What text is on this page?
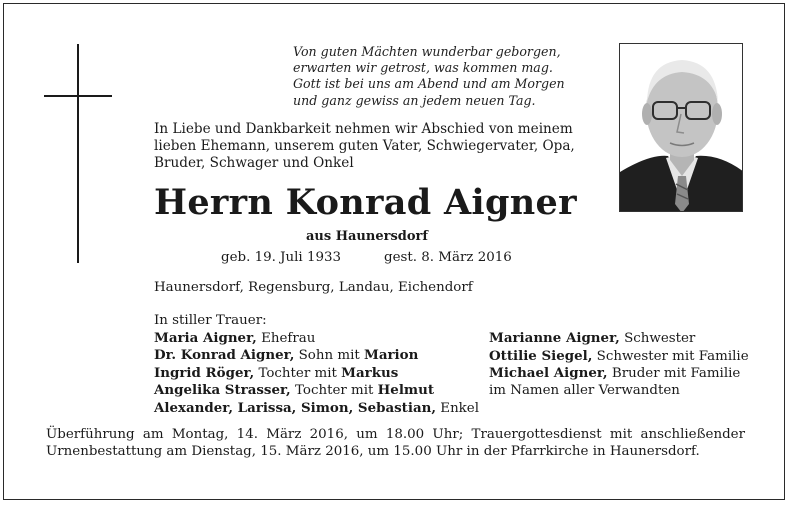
Von guten Mächten wunderbar geborgen,
erwarten wir getrost, was kommen mag.
Gott ist bei uns am Abend und am Morgen
und ganz gewiss an jedem neuen Tag.
In Liebe und Dankbarkeit nehmen wir Abschied von meinem
lieben Ehemann, unserem guten Vater, Schwiegervater, Opa,
Bruder, Schwager und Onkel
Herrn Konrad Aigner
aus Haunersdorf
geb. 19. Juli 1933	gest. 8. März 2016
Haunersdorf, Regensburg, Landau, Eichendorf
In stiller Trauer:
Maria Aigner, Ehefrau
Dr. Konrad Aigner, Sohn mit Marion
Ingrid Röger, Tochter mit Markus
Angelika Strasser, Tochter mit Helmut
Alexander, Larissa, Simon, Sebastian, Enkel
Marianne Aigner, Schwester
Ottilie Siegel, Schwester mit Familie
Michael Aigner, Bruder mit Familie
im Namen aller Verwandten
Überführung am Montag, 14. März 2016, um 18.00 Uhr; Trauergottesdienst mit anschließender Urnenbestattung am Dienstag, 15. März 2016, um 15.00 Uhr in der Pfarrkirche in Haunersdorf.
